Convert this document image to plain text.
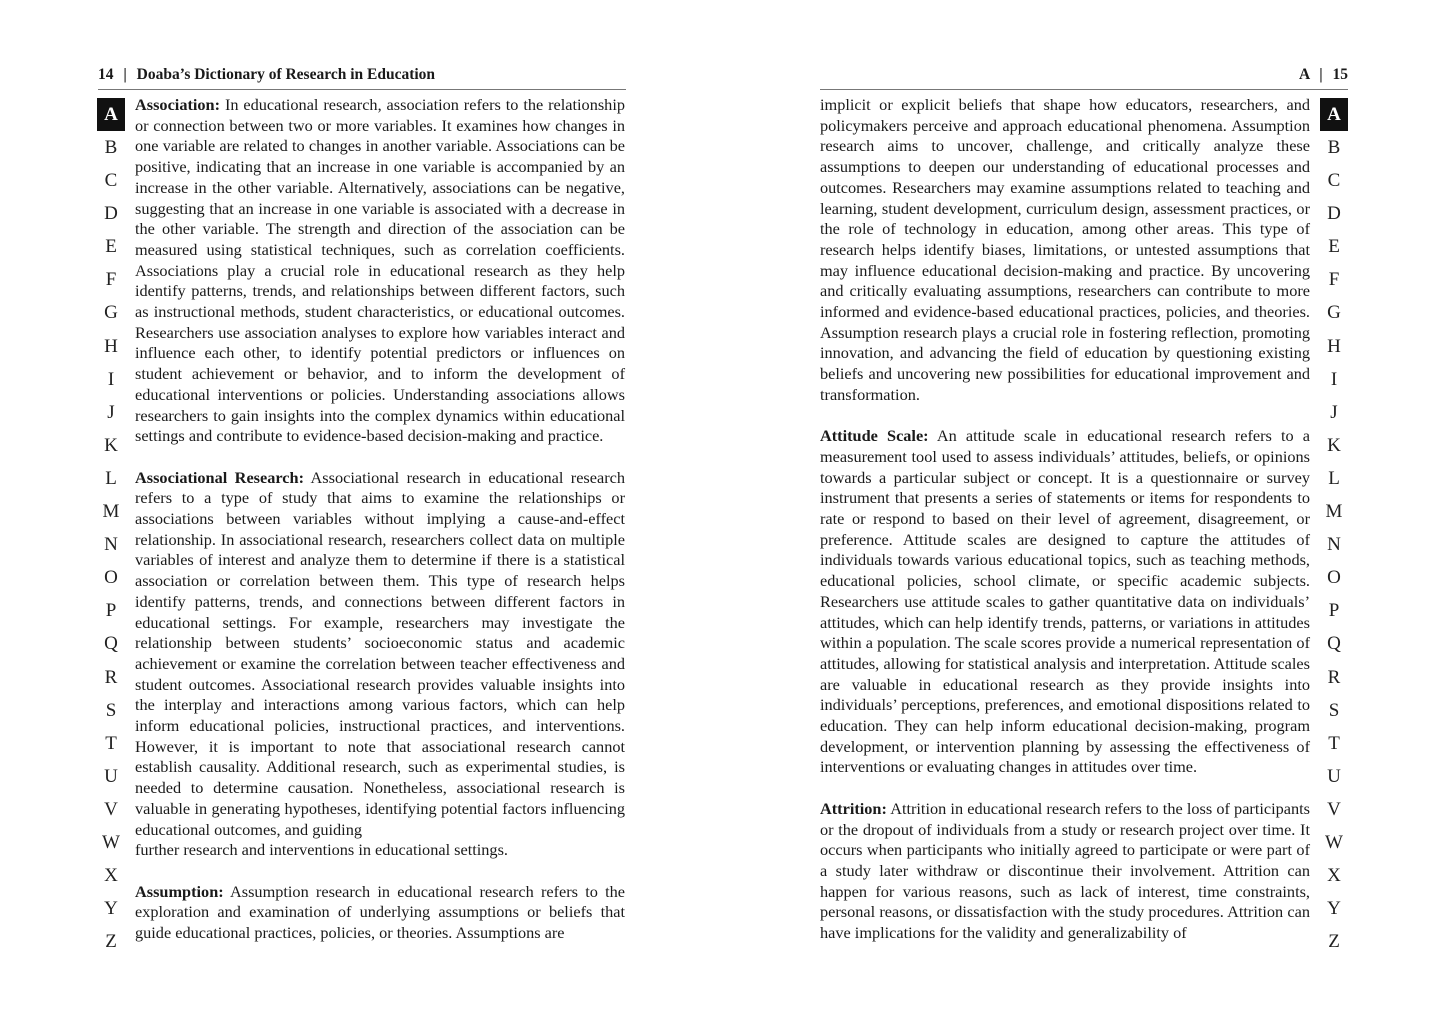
14 | Doaba’s Dictionary of Research in Education
A
B
C
D
E
F
G
H
I
J
K
L
M
N
O
P
Q
R
S
T
U
V
W
X
Y
Z

Association: In educational research, association refers to the relationship or connection between two or more variables. It examines how changes in one variable are related to changes in another variable. Associations can be positive, indicating that an increase in one variable is accompanied by an increase in the other variable. Alternatively, associations can be negative, suggesting that an increase in one variable is associated with a decrease in the other variable. The strength and direction of the association can be measured using statistical techniques, such as correlation coefficients. Associations play a crucial role in educational research as they help identify patterns, trends, and relationships between different factors, such as instructional methods, student characteristics, or educational outcomes. Researchers use association analyses to explore how variables interact and influence each other, to identify potential predictors or influences on student achievement or behavior, and to inform the development of educational interventions or policies. Understanding associations allows researchers to gain insights into the complex dynamics within educational settings and contribute to evidence-based decision-making and practice.

Associational Research: Associational research in educational research refers to a type of study that aims to examine the relationships or associations between variables without implying a cause-and-effect relationship. In associational research, researchers collect data on multiple variables of interest and analyze them to determine if there is a statistical association or correlation between them. This type of research helps identify patterns, trends, and connections between different factors in educational settings. For example, researchers may investigate the relationship between students’ socioeconomic status and academic achievement or examine the correlation between teacher effectiveness and student outcomes. Associational research provides valuable insights into the interplay and interactions among various factors, which can help inform educational policies, instructional practices, and interventions. However, it is important to note that associational research cannot establish causality. Additional research, such as experimental studies, is needed to determine causation. Nonetheless, associational research is valuable in generating hypotheses, identifying potential factors influencing educational outcomes, and guiding

further research and interventions in educational settings.

Assumption: Assumption research in educational research refers to the exploration and examination of underlying assumptions or beliefs that guide educational practices, policies, or theories. Assumptions are

A | 15

implicit or explicit beliefs that shape how educators, researchers, and policymakers perceive and approach educational phenomena. Assumption research aims to uncover, challenge, and critically analyze these assumptions to deepen our understanding of educational processes and outcomes. Researchers may examine assumptions related to teaching and learning, student development, curriculum design, assessment practices, or the role of technology in education, among other areas. This type of research helps identify biases, limitations, or untested assumptions that may influence educational decision-making and practice. By uncovering and critically evaluating assumptions, researchers can contribute to more informed and evidence-based educational practices, policies, and theories. Assumption research plays a crucial role in fostering reflection, promoting innovation, and advancing the field of education by questioning existing beliefs and uncovering new possibilities for educational improvement and transformation.

Attitude Scale: An attitude scale in educational research refers to a measurement tool used to assess individuals’ attitudes, beliefs, or opinions towards a particular subject or concept. It is a questionnaire or survey instrument that presents a series of statements or items for respondents to rate or respond to based on their level of agreement, disagreement, or preference. Attitude scales are designed to capture the attitudes of individuals towards various educational topics, such as teaching methods, educational policies, school climate, or specific academic subjects. Researchers use attitude scales to gather quantitative data on individuals’ attitudes, which can help identify trends, patterns, or variations in attitudes within a population. The scale scores provide a numerical representation of attitudes, allowing for statistical analysis and interpretation. Attitude scales are valuable in educational research as they provide insights into individuals’ perceptions, preferences, and emotional dispositions related to education. They can help inform educational decision-making, program development, or intervention planning by assessing the effectiveness of interventions or evaluating changes in attitudes over time.

Attrition: Attrition in educational research refers to the loss of participants or the dropout of individuals from a study or research project over time. It occurs when participants who initially agreed to participate or were part of a study later withdraw or discontinue their involvement. Attrition can happen for various reasons, such as lack of interest, time constraints, personal reasons, or dissatisfaction with the study procedures. Attrition can have implications for the validity and generalizability of

A
B
C
D
E
F
G
H
I
J
K
L
M
N
O
P
Q
R
S
T
U
V
W
X
Y
Z
